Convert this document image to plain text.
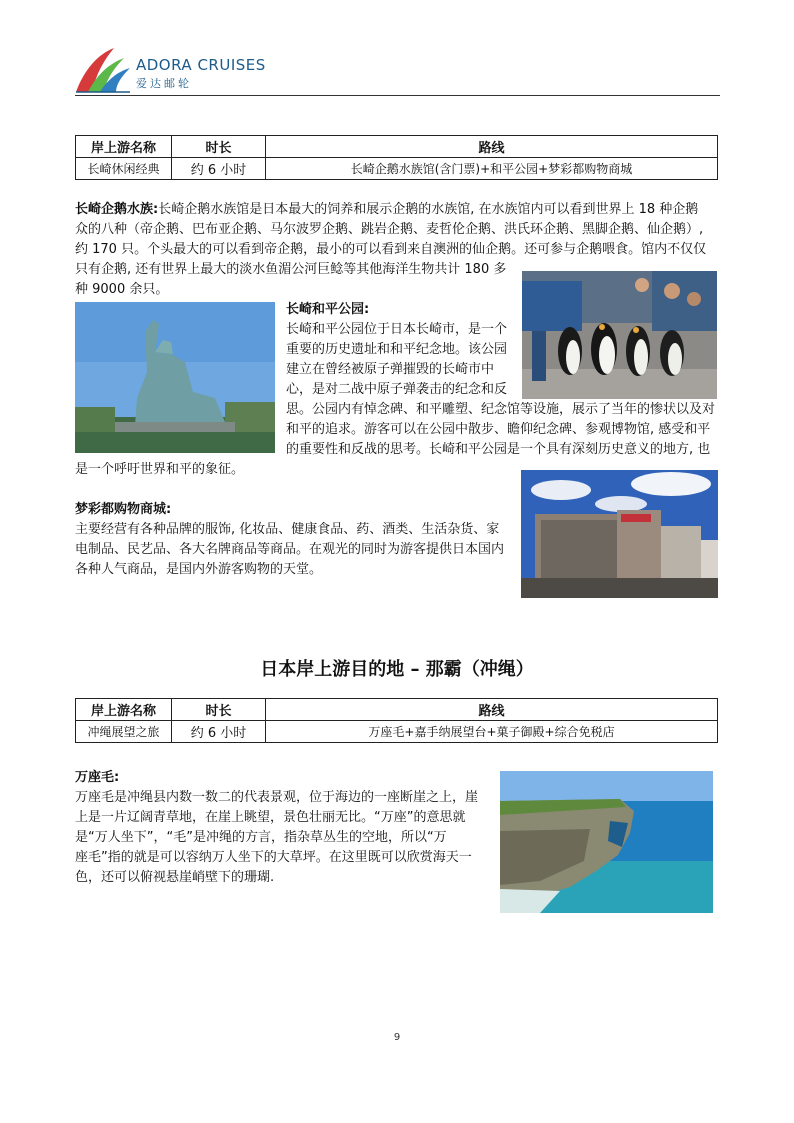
ADORA CRUISES
爱达邮轮
岸上游名称	时长	路线
长崎休闲经典	约 6 小时	长崎企鹅水族馆(含门票)+和平公园+梦彩都购物商城
长崎企鹅水族:长崎企鹅水族馆是日本最大的饲养和展示企鹅的水族馆, 在水族馆内可以看到世界上 18 种企鹅
众的八种（帝企鹅、巴布亚企鹅、马尔波罗企鹅、跳岩企鹅、麦哲伦企鹅、洪氏环企鹅、黑脚企鹅、仙企鹅）,
约 170 只。个头最大的可以看到帝企鹅，最小的可以看到来自澳洲的仙企鹅。还可参与企鹅喂食。馆内不仅仅
只有企鹅, 还有世界上最大的淡水鱼湄公河巨鲶等其他海洋生物共计 180 多
种 9000 余只。
长崎和平公园:
长崎和平公园位于日本长崎市，是一个
重要的历史遗址和和平纪念地。该公园
建立在曾经被原子弹摧毁的长崎市中
心，是对二战中原子弹袭击的纪念和反
思。公园内有悼念碑、和平雕塑、纪念馆等设施，展示了当年的惨状以及对
和平的追求。游客可以在公园中散步、瞻仰纪念碑、参观博物馆, 感受和平
的重要性和反战的思考。长崎和平公园是一个具有深刻历史意义的地方, 也
是一个呼吁世界和平的象征。
梦彩都购物商城:
主要经营有各种品牌的服饰, 化妆品、健康食品、药、酒类、生活杂货、家
电制品、民艺品、各大名牌商品等商品。在观光的同时为游客提供日本国内
各种人气商品，是国内外游客购物的天堂。
日本岸上游目的地 – 那霸（冲绳）
岸上游名称	时长	路线
冲绳展望之旅	约 6 小时	万座毛+嘉手纳展望台+菓子御殿+综合免税店
万座毛:
万座毛是冲绳县内数一数二的代表景观，位于海边的一座断崖之上，崖
上是一片辽阔青草地，在崖上眺望，景色壮丽无比。“万座”的意思就
是“万人坐下”，“毛”是冲绳的方言，指杂草丛生的空地，所以“万
座毛”指的就是可以容纳万人坐下的大草坪。在这里既可以欣赏海天一
色，还可以俯视悬崖峭壁下的珊瑚.
9
